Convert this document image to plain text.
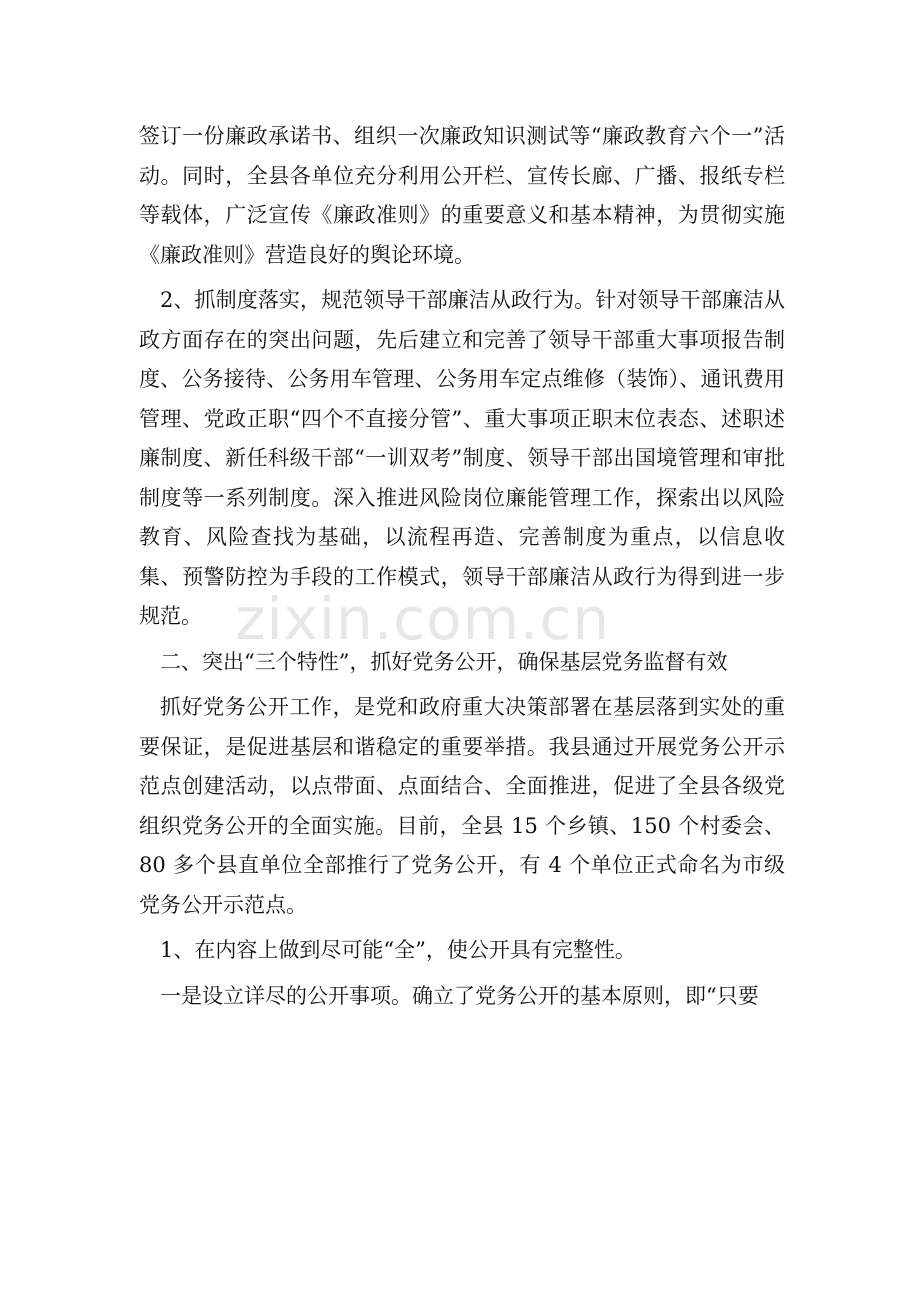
签订一份廉政承诺书、组织一次廉政知识测试等“廉政教育六个一”活动。同时，全县各单位充分利用公开栏、宣传长廊、广播、报纸专栏等载体，广泛宣传《廉政准则》的重要意义和基本精神，为贯彻实施《廉政准则》营造良好的舆论环境。

2、抓制度落实，规范领导干部廉洁从政行为。针对领导干部廉洁从政方面存在的突出问题，先后建立和完善了领导干部重大事项报告制度、公务接待、公务用车管理、公务用车定点维修（装饰）、通讯费用管理、党政正职“四个不直接分管”、重大事项正职末位表态、述职述廉制度、新任科级干部“一训双考”制度、领导干部出国境管理和审批制度等一系列制度。深入推进风险岗位廉能管理工作，探索出以风险教育、风险查找为基础，以流程再造、完善制度为重点，以信息收集、预警防控为手段的工作模式，领导干部廉洁从政行为得到进一步规范。

二、突出“三个特性”，抓好党务公开，确保基层党务监督有效

抓好党务公开工作，是党和政府重大决策部署在基层落到实处的重要保证，是促进基层和谐稳定的重要举措。我县通过开展党务公开示范点创建活动，以点带面、点面结合、全面推进，促进了全县各级党组织党务公开的全面实施。目前，全县 15 个乡镇、150 个村委会、80 多个县直单位全部推行了党务公开，有 4 个单位正式命名为市级党务公开示范点。

1、在内容上做到尽可能“全”，使公开具有完整性。

一是设立详尽的公开事项。确立了党务公开的基本原则，即“只要

zixin.com.cn
